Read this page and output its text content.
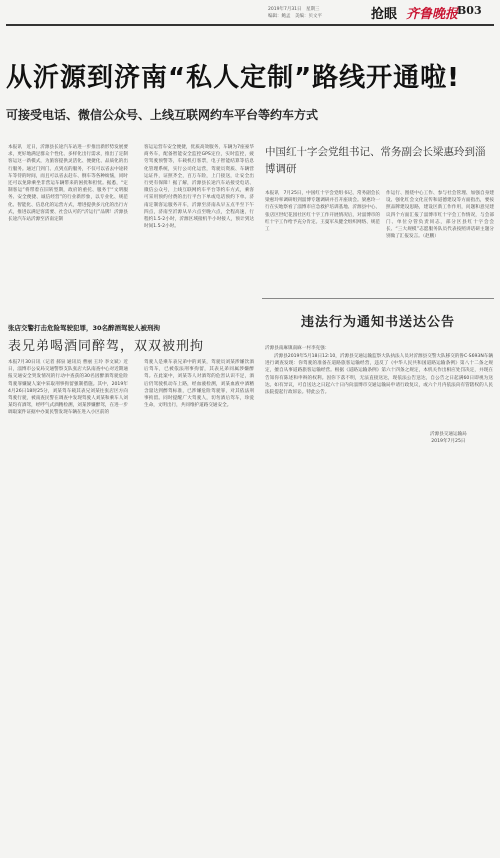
2019年7月31日　星期三
编辑：鲍孟　美编：贝文平	抢眼 齐鲁晚报
B03
从沂源到济南“私人定制”路线开通啦!
可接受电话、微信公众号、上线互联网约车平台等约车方式
本报讯　近日，沂源县长途汽车站进一步推出新形势发展要求，更好地满足群众个性化、多样化出行需求，推出了定制客运这一新模式，为旅客提供灵活化、便捷化、品质化的出行服务。通过门到门、点到点的服务，不仅可以省去中途转车等待的时间，而且可以省去赶车、倒车等各种烦恼，同时还可以免除乘坐非营运车辆带来的困扰和担忧。据悉，“定制客运”将带着在旧转型期，政府的重托、服务于“文明服务、安全便捷、诚信经营”的行业新形象，以专业化、规范化、智能化、信息化的运营方式，增进提供多元化的出行方式，推进以满足客需要、社会认可的“沂运行”品牌！沂源县长途汽车站沂源至济南定制
客运运营车安全便捷，优质高效服务，车辆为7座豪华商务车，配备智能安全监控GPS定位，实时监控，疲劳驾驶预警等，车载机打客票，电子智能结算等信息化管理系统，实行公司化运营，驾驶员资质、车辆营运证件，证照齐全，百万车险，上门接送，让安全出行更有保障！据了解，沂源县长途汽车站接受电话、微信公众号，上线互联网约车平台等约车方式，乘客可采用预约付费的出行平台下单或电话预约下单。济南定制客运服务开车，沂源至济南从早五点半至下午四点，济南至沂源从早六点至晚六点，全程高速，行程约1.5-2小时，沂源区域接机半小时接人，预计到达时间1.5-2小时。
中国红十字会党组书记、常务副会长梁惠玲到淄博调研
本报讯　7月25日，中国红十字会党组书记、常务副会长梁惠玲率调研组到淄博专题调研并召开座谈会。梁惠玲一行在实地察看了淄博市应急救护培训基地、沂源县中心、张店区世纪花园社区红十字工作开展情况后，对淄博市的红十字工作给予充分肯定。王曼军从健全组织网络、规范工
作运行、围绕中心工作、参与社会管理、加强自身建设、强化红会文化宣传和道德建设等方面指出，要按照品牌建设思路，建设区新工作作用，问题和意见建议四个方面汇报了淄博市红十字会工作情况，与会部门、单位分管负责同志，部分区县红十字会会长、“三大规模”志愿服务队员代表按照讲话研主题分别做了汇报发言。（赵鹏）
违法行为通知书送达公告
沂源县南麻镇南麻一村李克强：
沂源县2019年5月18日12:10，沂源县交通运输监察大队执法人员对沂源县交警大队移交的鲁C·S693N车辆进行调查发现：你驾驶的准备在道路旅客运输经营，违反了《中华人民共和国道路运输条例》第八十二条之规定，擅自从事道路旅客运输经营。根据《道路运输条例》第六十四条之规定，本机关作出相应处罚决定，并现在告知你有陈述和申辩的权利。因你下落不明，无法直接送达，现依法公告送达，自公告之日起满60日即视为送达。如有异议，可自送达之日起六十日内向淄博市交通运输局申请行政复议，或六个月内依法向有管辖权的人民法院提起行政诉讼。特此公告。
沂源县交通运输局
2019年7月25日
张店交警打击危险驾驶犯罪，30名醉酒驾驶人被刑拘
表兄弟喝酒同醉驾，双双被刑拘
本报7月30日讯（记者 郝泉 通讯员 曹丽 王玲 李文斌）近日，淄博市公安局交通警察支队张店大队南查中心对近期通报交通安全突发情况的行动中查获的30名因醉酒驾驶危险驾驶罪嫌疑人案中采取刑事拘留强制措施。其中，2019年4月26日18时25分，刘某驾车载其表兄刘某往张店区方向驾驶行驶，被南查民警在调查中发现驾驶人刘某和乘车人刘某均有酒驾，经呼气式酒精检测，刘某涉嫌醉驾，在进一步调取案件证据中办案民警发现车辆在进入小区前的
驾驶人是乘车表兄弟中的刘某，驾驶员刘某涉嫌饮酒后驾车，已被依法刑事拘留，其表兄弟同属涉嫌醉驾。在此案中，刘某等人对酒驾的危害认识不足，酒后仍驾驶机动车上路，经血液检测，刘某血液中酒精含量达到醉驾标准，已涉嫌危险驾驶罪，对其依法刑事拘留。同时提醒广大驾驶人，切勿酒后驾车，珍爱生命，文明出行，共同维护道路交通安全。
